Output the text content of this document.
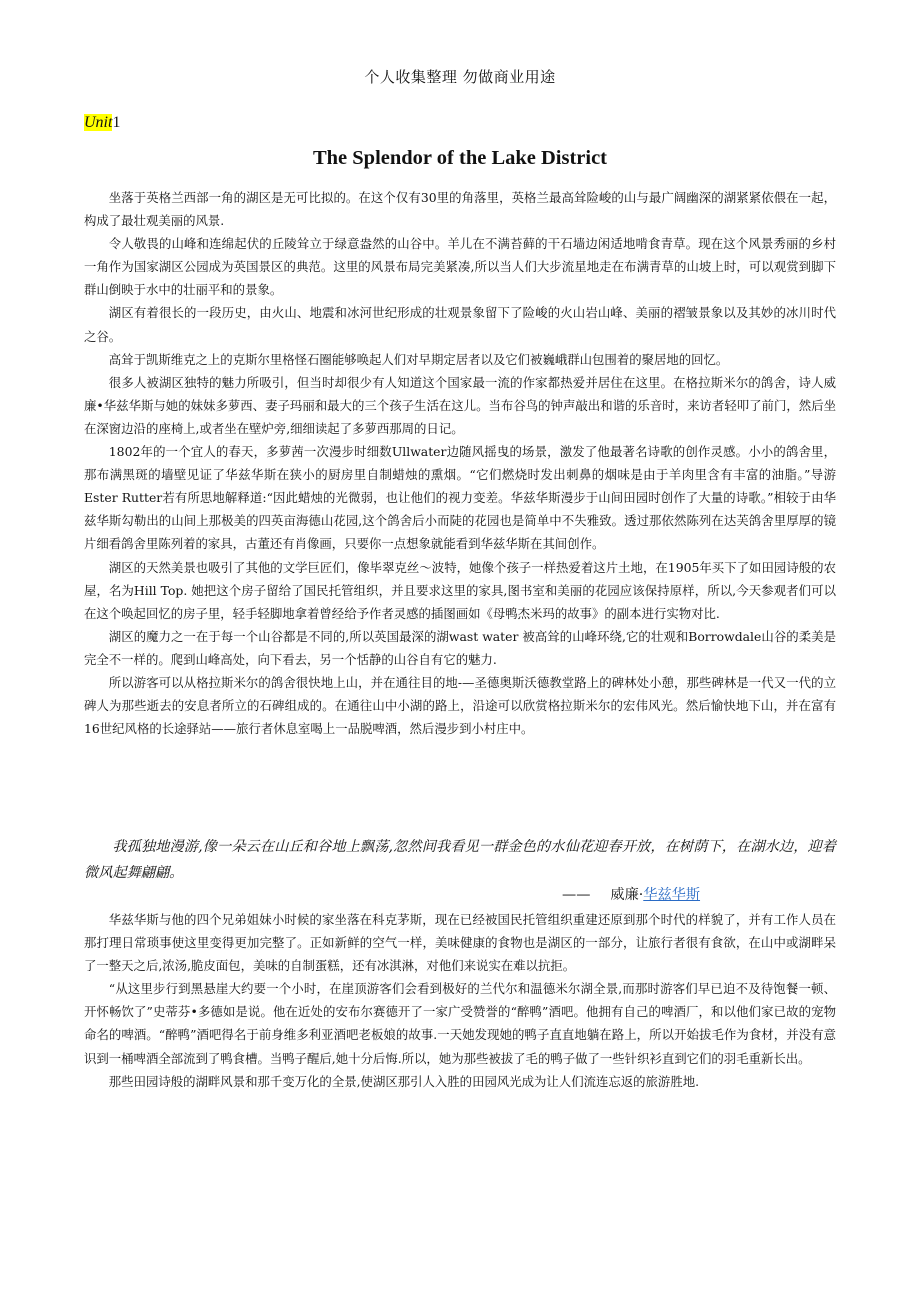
个人收集整理 勿做商业用途
Unit1
The Splendor of the Lake District

坐落于英格兰西部一角的湖区是无可比拟的。在这个仅有30里的角落里，英格兰最高耸险峻的山与最广阔幽深的湖紧紧依偎在一起，构成了最壮观美丽的风景.

令人敬畏的山峰和连绵起伏的丘陵耸立于绿意盎然的山谷中。羊儿在不满苔藓的干石墙边闲适地啃食青草。现在这个风景秀丽的乡村一角作为国家湖区公园成为英国景区的典范。这里的风景布局完美紧凑,所以当人们大步流星地走在布满青草的山坡上时，可以观赏到脚下群山倒映于水中的壮丽平和的景象。

湖区有着很长的一段历史，由火山、地震和冰河世纪形成的壮观景象留下了险峻的火山岩山峰、美丽的褶皱景象以及其妙的冰川时代之谷。

高耸于凯斯维克之上的克斯尔里格怪石圈能够唤起人们对早期定居者以及它们被巍峨群山包围着的聚居地的回忆。

很多人被湖区独特的魅力所吸引，但当时却很少有人知道这个国家最一流的作家都热爱并居住在这里。在格拉斯米尔的鸽舍，诗人威廉•华兹华斯与她的妹妹多萝西、妻子玛丽和最大的三个孩子生活在这儿。当布谷鸟的钟声敲出和谐的乐音时，来访者轻叩了前门，然后坐在深窗边沿的座椅上,或者坐在壁炉旁,细细读起了多萝西那周的日记。

1802年的一个宜人的春天，多萝茜一次漫步时细数Ullwater边随风摇曳的场景，激发了他最著名诗歌的创作灵感。小小的鸽舍里，那布满黑斑的墙壁见证了华兹华斯在狭小的厨房里自制蜡烛的熏烟。“它们燃烧时发出刺鼻的烟味是由于羊肉里含有丰富的油脂。”导游Ester Rutter若有所思地解释道:“因此蜡烛的光微弱，也让他们的视力变差。华兹华斯漫步于山间田园时创作了大量的诗歌。”相较于由华兹华斯勾勒出的山间上那极美的四英亩海德山花园,这个鸽舍后小而陡的花园也是简单中不失雅致。透过那依然陈列在达芙鸽舍里厚厚的镜片细看鸽舍里陈列着的家具，古董还有肖像画，只要你一点想象就能看到华兹华斯在其间创作。

湖区的天然美景也吸引了其他的文学巨匠们，像毕翠克丝～波特，她像个孩子一样热爱着这片土地，在1905年买下了如田园诗般的农屋，名为Hill Top. 她把这个房子留给了国民托管组织，并且要求这里的家具,图书室和美丽的花园应该保持原样，所以,今天参观者们可以在这个唤起回忆的房子里，轻手轻脚地拿着曾经给予作者灵感的插图画如《母鸭杰米玛的故事》的副本进行实物对比.

湖区的魔力之一在于每一个山谷都是不同的,所以英国最深的湖wast water 被高耸的山峰环绕,它的壮观和Borrowdale山谷的柔美是完全不一样的。爬到山峰高处，向下看去，另一个恬静的山谷自有它的魅力.

所以游客可以从格拉斯米尔的鸽舍很快地上山，并在通往目的地-—圣德奥斯沃德教堂路上的碑林处小憩，那些碑林是一代又一代的立碑人为那些逝去的安息者所立的石碑组成的。在通往山中小湖的路上，沿途可以欣赏格拉斯米尔的宏伟风光。然后愉快地下山，并在富有16世纪风格的长途驿站——旅行者休息室喝上一品脱啤酒，然后漫步到小村庄中。

我孤独地漫游,像一朵云在山丘和谷地上飘荡,忽然间我看见一群金色的水仙花迎春开放，在树荫下，在湖水边，迎着微风起舞翩翩。
—— 威廉·华兹华斯

华兹华斯与他的四个兄弟姐妹小时候的家坐落在科克茅斯，现在已经被国民托管组织重建还原到那个时代的样貌了，并有工作人员在那打理日常琐事使这里变得更加完整了。正如新鲜的空气一样，美味健康的食物也是湖区的一部分，让旅行者很有食欲，在山中或湖畔呆了一整天之后,浓汤,脆皮面包，美味的自制蛋糕，还有冰淇淋，对他们来说实在难以抗拒。

“从这里步行到黑悬崖大约要一个小时，在崖顶游客们会看到极好的兰代尔和温德米尔湖全景,而那时游客们早已迫不及待饱餐一顿、开怀畅饮了”史蒂芬•多德如是说。他在近处的安布尔赛德开了一家广受赞誉的“醉鸭”酒吧。他拥有自己的啤酒厂，和以他们家已故的宠物命名的啤酒。“醉鸭”酒吧得名于前身维多利亚酒吧老板娘的故事.一天她发现她的鸭子直直地躺在路上，所以开始拔毛作为食材，并没有意识到一桶啤酒全部流到了鸭食槽。当鸭子醒后,她十分后悔.所以，她为那些被拔了毛的鸭子做了一些针织衫直到它们的羽毛重新长出。

那些田园诗般的湖畔风景和那千变万化的全景,使湖区那引人入胜的田园风光成为让人们流连忘返的旅游胜地.
